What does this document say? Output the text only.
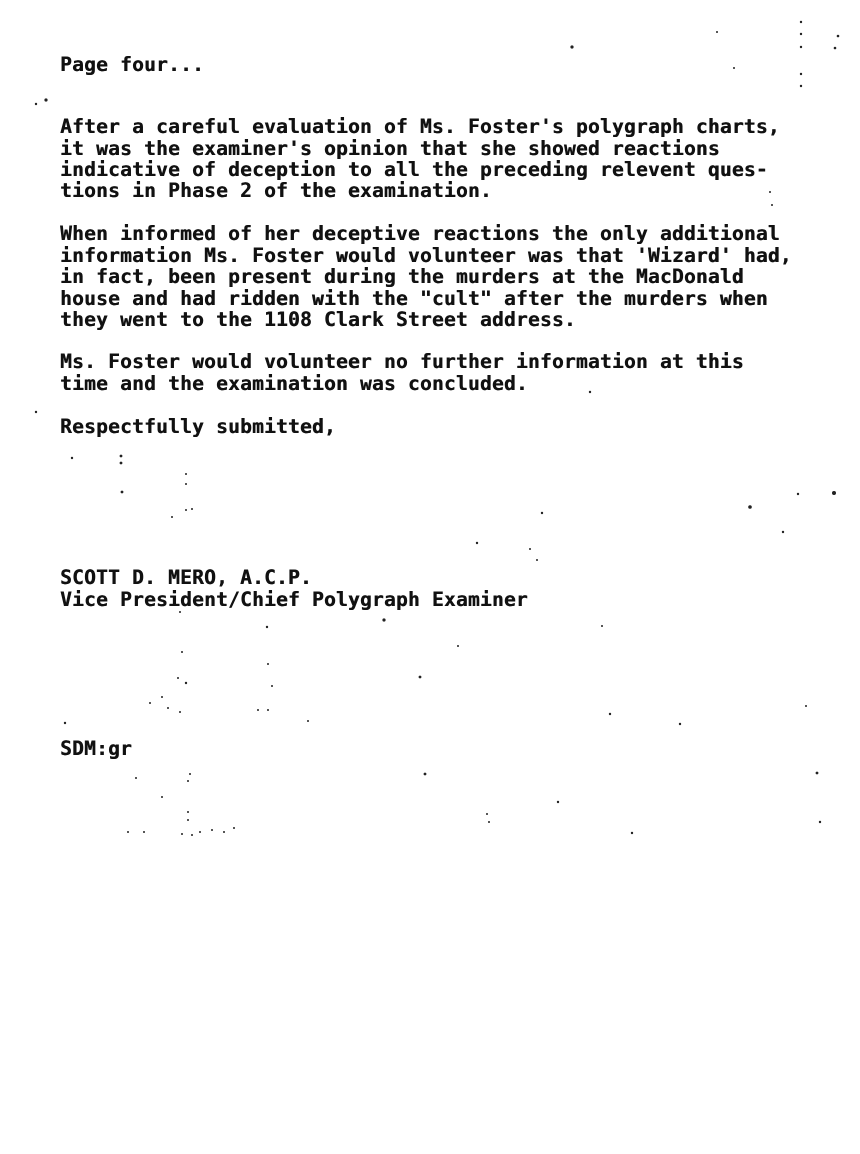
Page four...
After a careful evaluation of Ms. Foster's polygraph charts,
it was the examiner's opinion that she showed reactions
indicative of deception to all the preceding relevent ques-
tions in Phase 2 of the examination.
When informed of her deceptive reactions the only additional
information Ms. Foster would volunteer was that 'Wizard' had,
in fact, been present during the murders at the MacDonald
house and had ridden with the "cult" after the murders when
they went to the 1108 Clark Street address.
Ms. Foster would volunteer no further information at this
time and the examination was concluded.
Respectfully submitted,
SCOTT D. MERO, A.C.P.
Vice President/Chief Polygraph Examiner
SDM:gr
